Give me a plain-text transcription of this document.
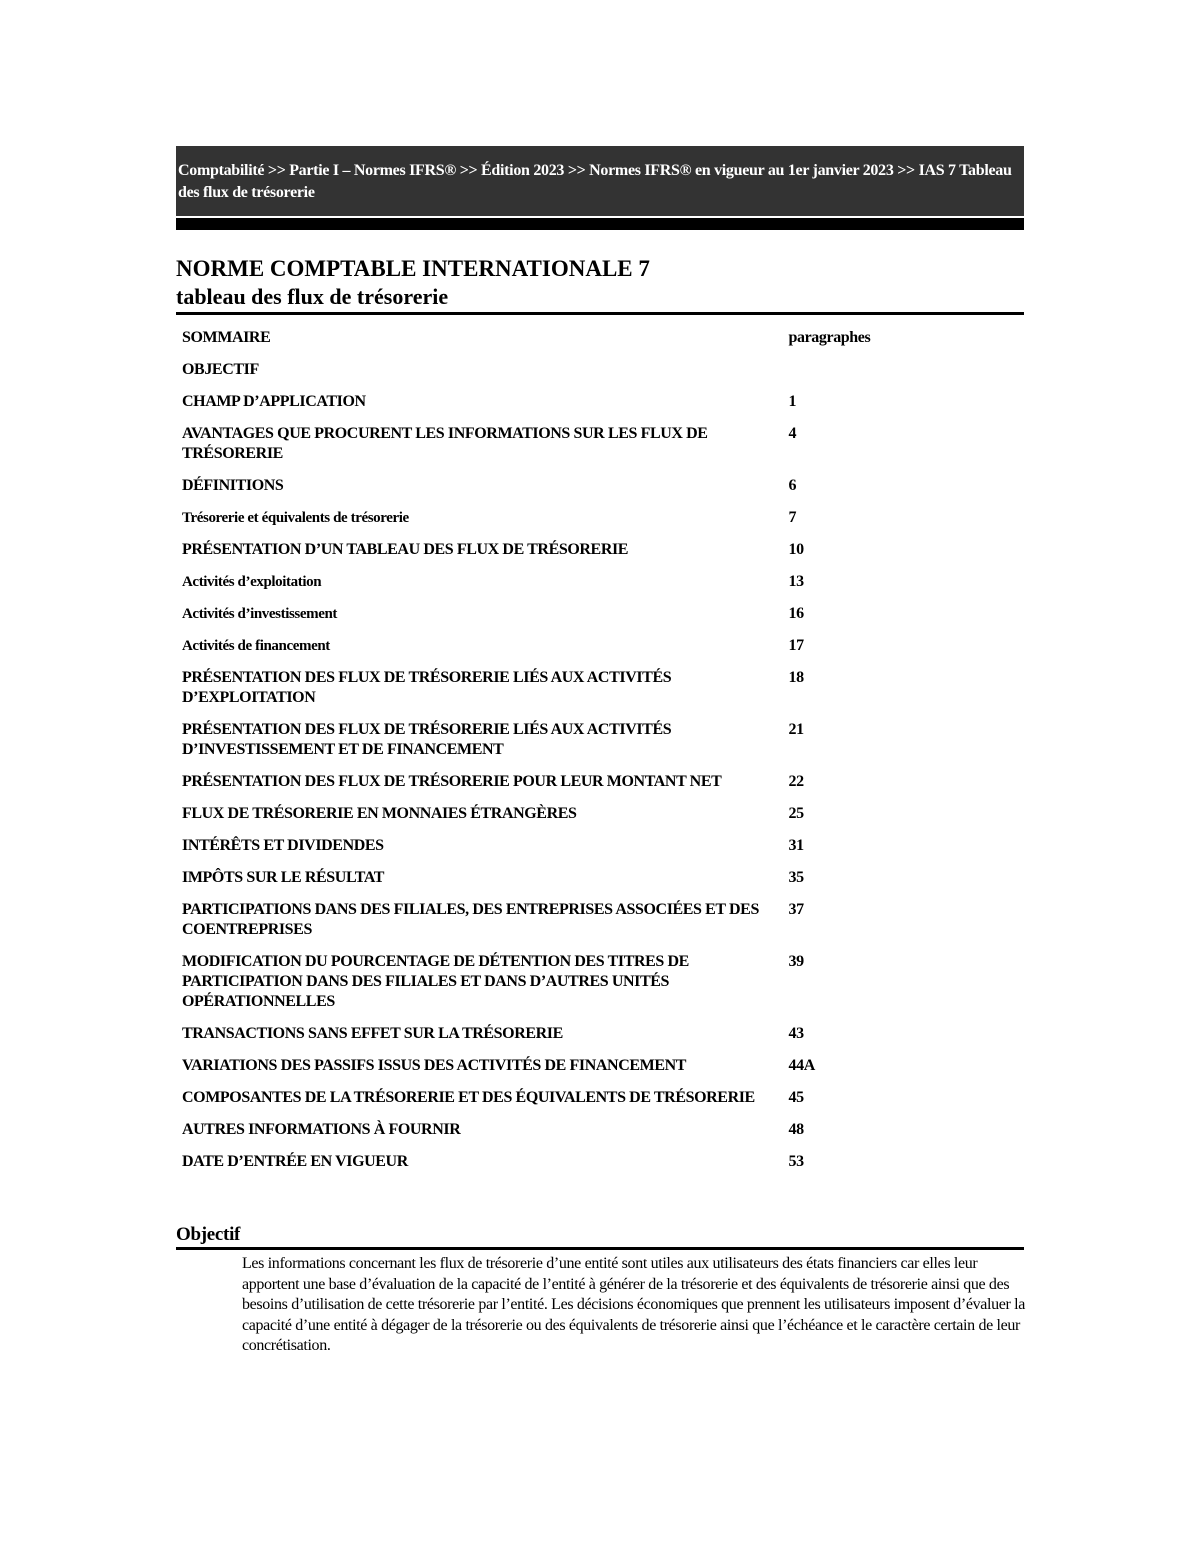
Comptabilité >> Partie I – Normes IFRS® >> Édition 2023 >> Normes IFRS® en vigueur au 1er janvier 2023 >> IAS 7 Tableau des flux de trésorerie
NORME COMPTABLE INTERNATIONALE 7
tableau des flux de trésorerie
SOMMAIRE	paragraphes
OBJECTIF	
CHAMP D’APPLICATION	1
AVANTAGES QUE PROCURENT LES INFORMATIONS SUR LES FLUX DE TRÉSORERIE	4
DÉFINITIONS	6
Trésorerie et équivalents de trésorerie	7
PRÉSENTATION D’UN TABLEAU DES FLUX DE TRÉSORERIE	10
Activités d’exploitation	13
Activités d’investissement	16
Activités de financement	17
PRÉSENTATION DES FLUX DE TRÉSORERIE LIÉS AUX ACTIVITÉS D’EXPLOITATION	18
PRÉSENTATION DES FLUX DE TRÉSORERIE LIÉS AUX ACTIVITÉS D’INVESTISSEMENT ET DE FINANCEMENT	21
PRÉSENTATION DES FLUX DE TRÉSORERIE POUR LEUR MONTANT NET	22
FLUX DE TRÉSORERIE EN MONNAIES ÉTRANGÈRES	25
INTÉRÊTS ET DIVIDENDES	31
IMPÔTS SUR LE RÉSULTAT	35
PARTICIPATIONS DANS DES FILIALES, DES ENTREPRISES ASSOCIÉES ET DES COENTREPRISES	37
MODIFICATION DU POURCENTAGE DE DÉTENTION DES TITRES DE PARTICIPATION DANS DES FILIALES ET DANS D’AUTRES UNITÉS OPÉRATIONNELLES	39
TRANSACTIONS SANS EFFET SUR LA TRÉSORERIE	43
VARIATIONS DES PASSIFS ISSUS DES ACTIVITÉS DE FINANCEMENT	44A
COMPOSANTES DE LA TRÉSORERIE ET DES ÉQUIVALENTS DE TRÉSORERIE	45
AUTRES INFORMATIONS À FOURNIR	48
DATE D’ENTRÉE EN VIGUEUR	53
Objectif

Les informations concernant les flux de trésorerie d’une entité sont utiles aux utilisateurs des états financiers car elles leur apportent une base d’évaluation de la capacité de l’entité à générer de la trésorerie et des équivalents de trésorerie ainsi que des besoins d’utilisation de cette trésorerie par l’entité. Les décisions économiques que prennent les utilisateurs imposent d’évaluer la capacité d’une entité à dégager de la trésorerie ou des équivalents de trésorerie ainsi que l’échéance et le caractère certain de leur concrétisation.
